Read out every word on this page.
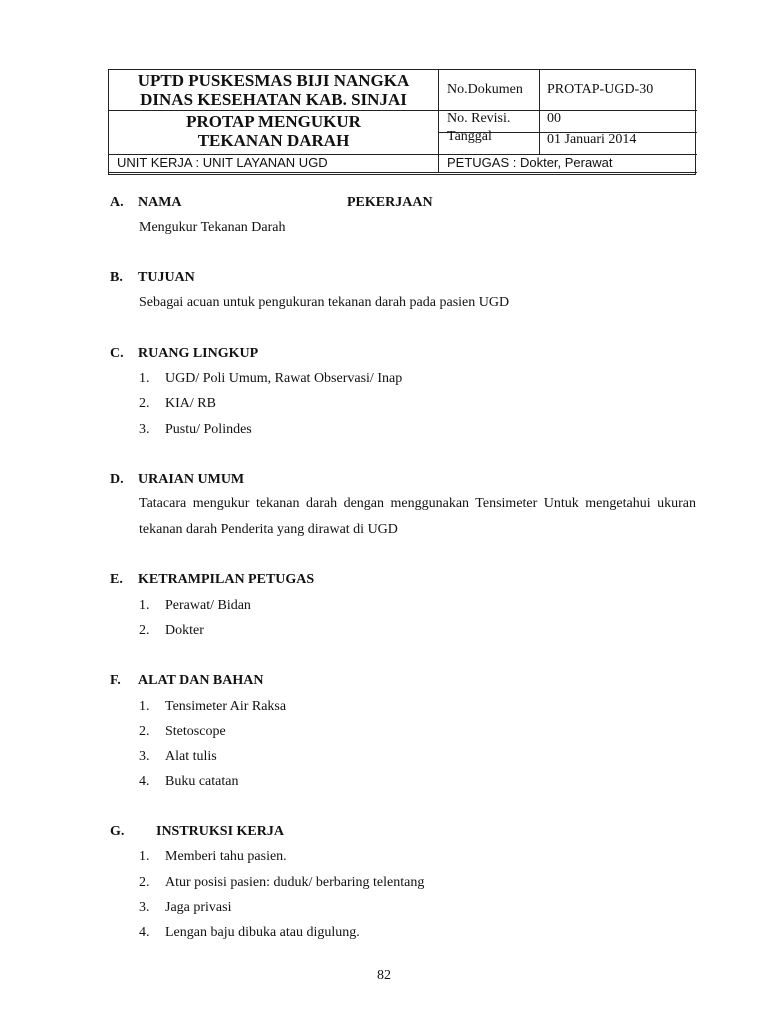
UPTD PUSKESMAS BIJI NANGKA
DINAS KESEHATAN KAB. SINJAI
PROTAP MENGUKUR
TEKANAN DARAH
No.Dokumen PROTAP-UGD-30
No. Revisi.	00
Tanggal	01 Januari 2014
UNIT KERJA : UNIT LAYANAN UGD	PETUGAS : Dokter, Perawat
A. NAMA	PEKERJAAN
Mengukur Tekanan Darah
B. TUJUAN
Sebagai acuan untuk pengukuran tekanan darah pada pasien UGD
C. RUANG LINGKUP
1. UGD/ Poli Umum, Rawat Observasi/ Inap
2. KIA/ RB
3. Pustu/ Polindes
D. URAIAN UMUM
Tatacara mengukur tekanan darah dengan menggunakan Tensimeter Untuk mengetahui ukuran tekanan darah Penderita yang dirawat di UGD
E. KETRAMPILAN PETUGAS
1. Perawat/ Bidan
2. Dokter
F. ALAT DAN BAHAN
1. Tensimeter Air Raksa
2. Stetoscope
3. Alat tulis
4. Buku catatan
G. INSTRUKSI KERJA
1. Memberi tahu pasien.
2. Atur posisi pasien: duduk/ berbaring telentang
3. Jaga privasi
4. Lengan baju dibuka atau digulung.
82
